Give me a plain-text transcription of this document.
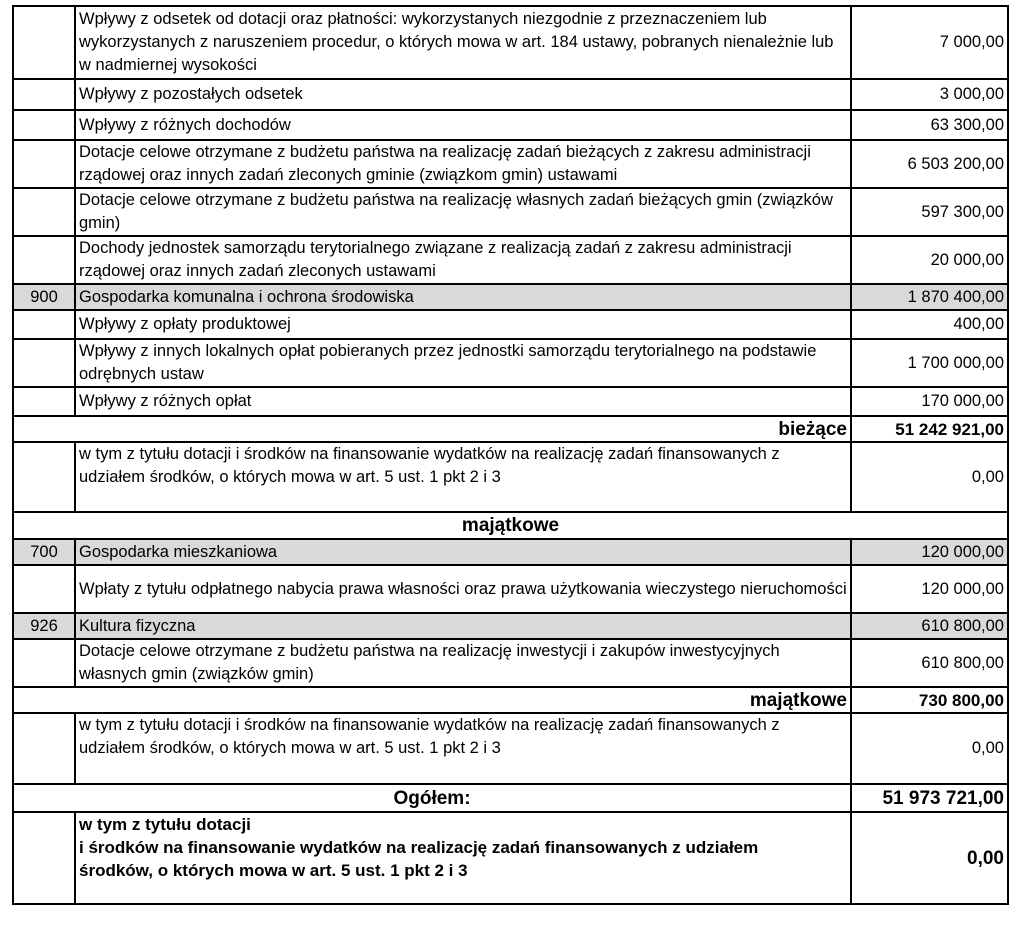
	Wpływy z odsetek od dotacji oraz płatności: wykorzystanych niezgodnie z przeznaczeniem lub wykorzystanych z naruszeniem procedur, o których mowa w art. 184 ustawy, pobranych nienależnie lub w nadmiernej wysokości	7 000,00
	Wpływy z pozostałych odsetek	3 000,00
	Wpływy z różnych dochodów	63 300,00
	Dotacje celowe otrzymane z budżetu państwa na realizację zadań bieżących z zakresu administracji rządowej oraz innych zadań zleconych gminie (związkom gmin) ustawami	6 503 200,00
	Dotacje celowe otrzymane z budżetu państwa na realizację własnych zadań bieżących gmin (związków gmin)	597 300,00
	Dochody jednostek samorządu terytorialnego związane z realizacją zadań z zakresu administracji rządowej oraz innych zadań zleconych ustawami	20 000,00
900	Gospodarka komunalna i ochrona środowiska	1 870 400,00
	Wpływy z opłaty produktowej	400,00
	Wpływy z innych lokalnych opłat pobieranych przez jednostki samorządu terytorialnego na podstawie odrębnych ustaw	1 700 000,00
	Wpływy z różnych opłat	170 000,00
bieżące		51 242 921,00
	w tym z tytułu dotacji i środków na finansowanie wydatków na realizację zadań finansowanych z udziałem środków, o których mowa w art. 5 ust. 1 pkt 2 i 3	0,00
majątkowe		
700	Gospodarka mieszkaniowa	120 000,00
	Wpłaty z tytułu odpłatnego nabycia prawa własności oraz prawa użytkowania wieczystego nieruchomości	120 000,00
926	Kultura fizyczna	610 800,00
	Dotacje celowe otrzymane z budżetu państwa na realizację inwestycji i zakupów inwestycyjnych własnych gmin (związków gmin)	610 800,00
majątkowe		730 800,00
	w tym z tytułu dotacji i środków na finansowanie wydatków na realizację zadań finansowanych z udziałem środków, o których mowa w art. 5 ust. 1 pkt 2 i 3	0,00
Ogółem:		51 973 721,00

	w tym z tytułu dotacji
i środków na finansowanie wydatków na realizację zadań finansowanych z udziałem
środków, o których mowa w art. 5 ust. 1 pkt 2 i 3	0,00
